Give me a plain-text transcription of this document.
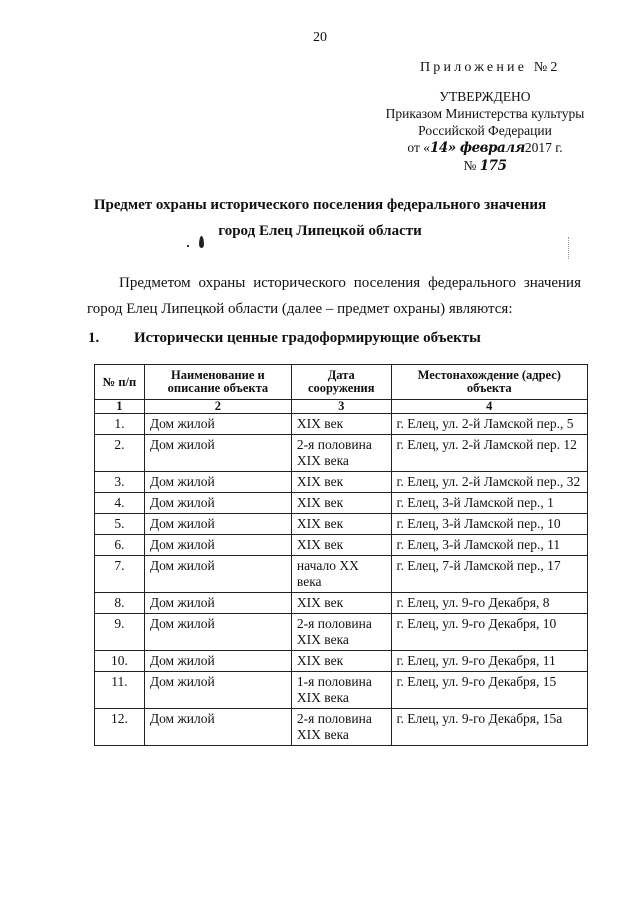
20
Приложение №2
УТВЕРЖДЕНО
Приказом Министерства культуры
Российской Федерации
от «14» февраля2017 г.
№ 175
Предмет охраны исторического поселения федерального значения
город Елец Липецкой области
Предметом охраны исторического поселения федерального значения
город Елец Липецкой области (далее – предмет охраны) являются:
1. Исторически ценные градоформирующие объекты
№ п/п	Наименование и описание объекта	Дата сооружения	Местонахождение (адрес) объекта
1	2	3	4
1.	Дом жилой	XIX век	г. Елец, ул. 2-й Ламской пер., 5
2.	Дом жилой	2-я половина XIX века	г. Елец, ул. 2-й Ламской пер. 12
3.	Дом жилой	XIX век	г. Елец, ул. 2-й Ламской пер., 32
4.	Дом жилой	XIX век	г. Елец, 3-й Ламской пер., 1
5.	Дом жилой	XIX век	г. Елец, 3-й Ламской пер., 10
6.	Дом жилой	XIX век	г. Елец, 3-й Ламской пер., 11
7.	Дом жилой	начало XX века	г. Елец, 7-й Ламской пер., 17
8.	Дом жилой	XIX век	г. Елец, ул. 9-го Декабря, 8
9.	Дом жилой	2-я половина XIX века	г. Елец, ул. 9-го Декабря, 10
10.	Дом жилой	XIX век	г. Елец, ул. 9-го Декабря, 11
11.	Дом жилой	1-я половина XIX века	г. Елец, ул. 9-го Декабря, 15
12.	Дом жилой	2-я половина XIX века	г. Елец, ул. 9-го Декабря, 15а
